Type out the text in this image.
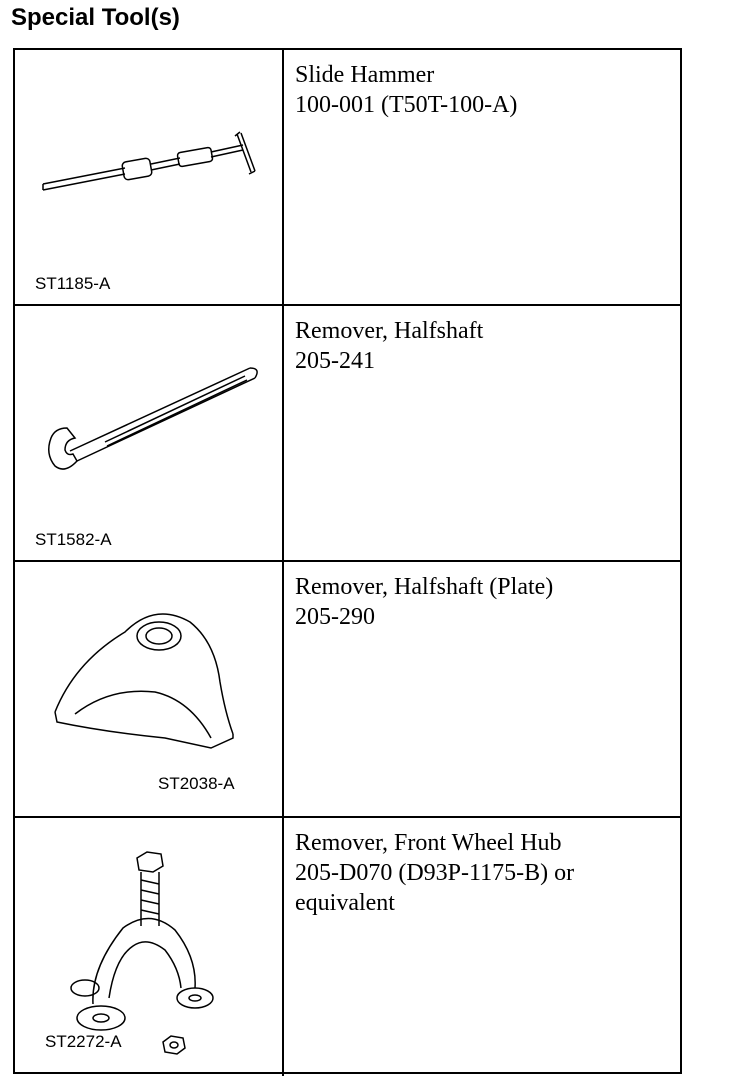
Special Tool(s)
ST1185-A
Slide Hammer
100-001 (T50T-100-A)
ST1582-A
Remover, Halfshaft
205-241
ST2038-A
Remover, Halfshaft (Plate)
205-290
ST2272-A
Remover, Front Wheel Hub
205-D070 (D93P-1175-B) or
equivalent
